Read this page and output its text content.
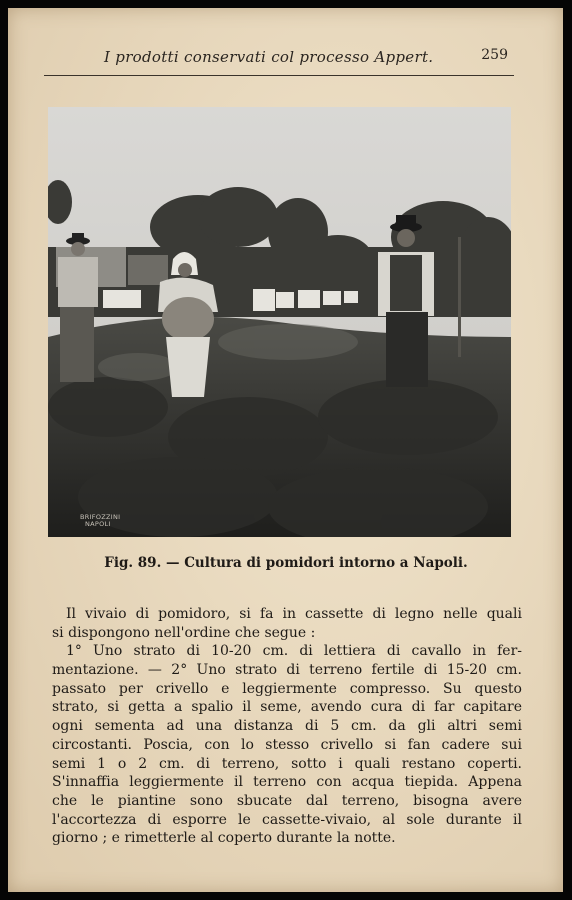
I prodotti conservati col processo Appert.	259
BRIFOZZINI
NAPOLI
Fig. 89. — Cultura di pomidori intorno a Napoli.
Il vivaio di pomidoro, si fa in cassette di legno nelle quali
si dispongono nell'ordine che segue :
1° Uno strato di 10-20 cm. di lettiera di cavallo in fer-
mentazione. — 2° Uno strato di terreno fertile di 15-20 cm.
passato per crivello e leggiermente compresso. Su questo
strato, si getta a spalio il seme, avendo cura di far capitare
ogni sementa ad una distanza di 5 cm. da gli altri semi
circostanti. Poscia, con lo stesso crivello si fan cadere sui
semi 1 o 2 cm. di terreno, sotto i quali restano coperti.
S'innaffia leggiermente il terreno con acqua tiepida. Appena
che le piantine sono sbucate dal terreno, bisogna avere
l'accortezza di esporre le cassette-vivaio, al sole durante il
giorno ; e rimetterle al coperto durante la notte.
